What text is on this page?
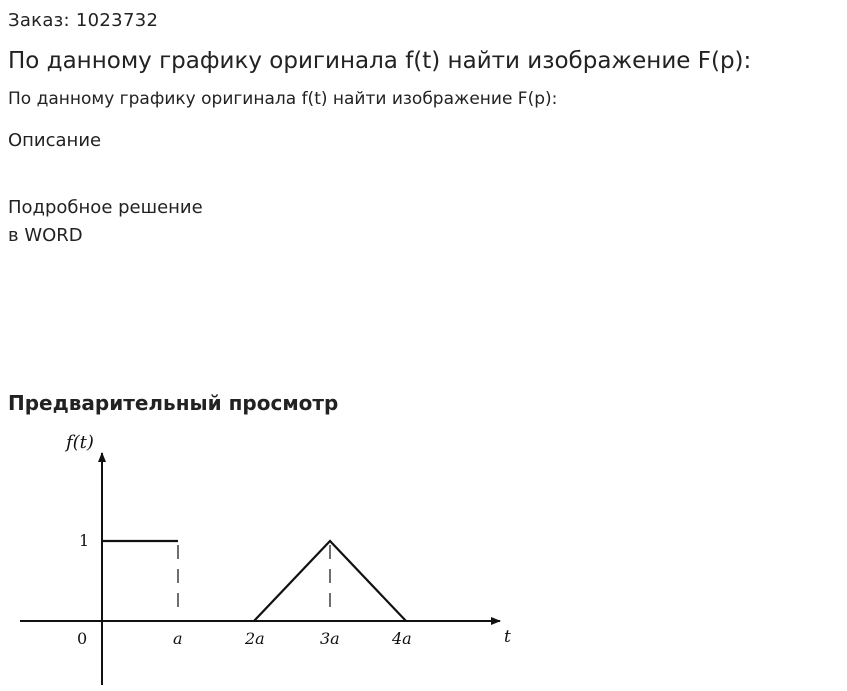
Заказ: 1023732
По данному графику оригинала f(t) найти изображение F(p):
По данному графику оригинала f(t) найти изображение F(p):
Описание
Подробное решение
в WORD
Предварительный просмотр
f(t)
t
1
0	a	2a	3a	4a
